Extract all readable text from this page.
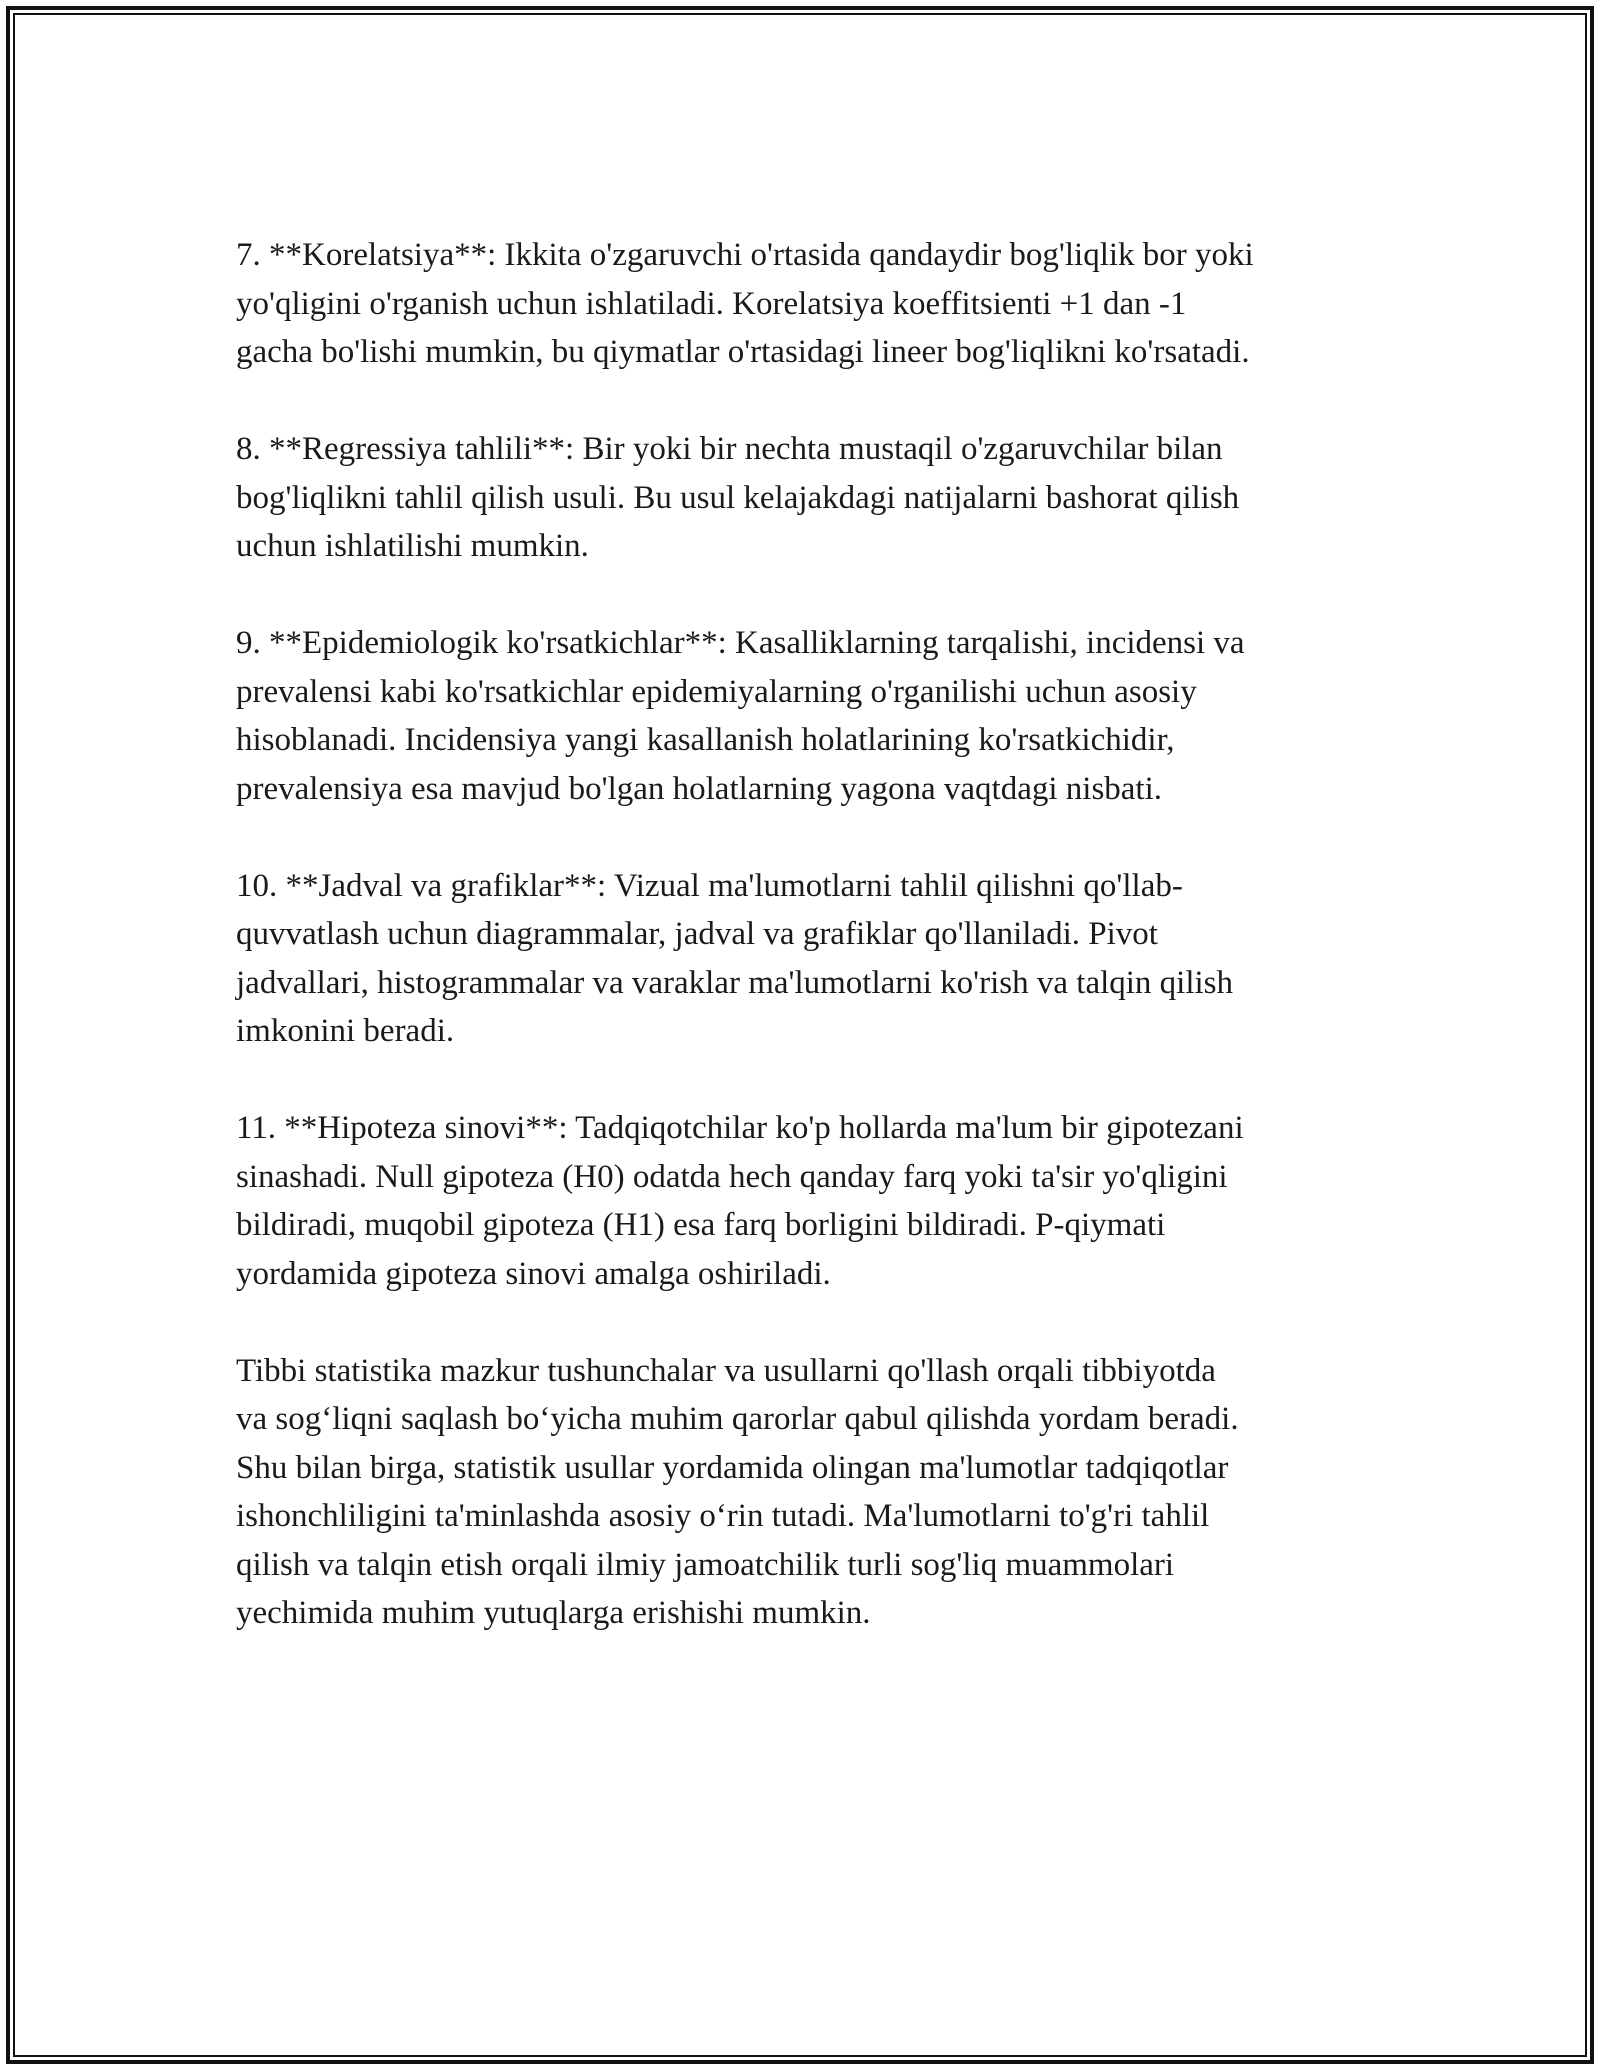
7. **Korelatsiya**: Ikkita o'zgaruvchi o'rtasida qandaydir bog'liqlik bor yoki
yo'qligini o'rganish uchun ishlatiladi. Korelatsiya koeffitsienti +1 dan -1
gacha bo'lishi mumkin, bu qiymatlar o'rtasidagi lineer bog'liqlikni ko'rsatadi.

8. **Regressiya tahlili**: Bir yoki bir nechta mustaqil o'zgaruvchilar bilan
bog'liqlikni tahlil qilish usuli. Bu usul kelajakdagi natijalarni bashorat qilish
uchun ishlatilishi mumkin.

9. **Epidemiologik ko'rsatkichlar**: Kasalliklarning tarqalishi, incidensi va
prevalensi kabi ko'rsatkichlar epidemiyalarning o'rganilishi uchun asosiy
hisoblanadi. Incidensiya yangi kasallanish holatlarining ko'rsatkichidir,
prevalensiya esa mavjud bo'lgan holatlarning yagona vaqtdagi nisbati.

10. **Jadval va grafiklar**: Vizual ma'lumotlarni tahlil qilishni qo'llab-
quvvatlash uchun diagrammalar, jadval va grafiklar qo'llaniladi. Pivot
jadvallari, histogrammalar va varaklar ma'lumotlarni ko'rish va talqin qilish
imkonini beradi.

11. **Hipoteza sinovi**: Tadqiqotchilar ko'p hollarda ma'lum bir gipotezani
sinashadi. Null gipoteza (H0) odatda hech qanday farq yoki ta'sir yo'qligini
bildiradi, muqobil gipoteza (H1) esa farq borligini bildiradi. P-qiymati
yordamida gipoteza sinovi amalga oshiriladi.

Tibbi statistika mazkur tushunchalar va usullarni qo'llash orqali tibbiyotda
va sog‘liqni saqlash bo‘yicha muhim qarorlar qabul qilishda yordam beradi.
Shu bilan birga, statistik usullar yordamida olingan ma'lumotlar tadqiqotlar
ishonchliligini ta'minlashda asosiy o‘rin tutadi. Ma'lumotlarni to'g'ri tahlil
qilish va talqin etish orqali ilmiy jamoatchilik turli sog'liq muammolari
yechimida muhim yutuqlarga erishishi mumkin.
